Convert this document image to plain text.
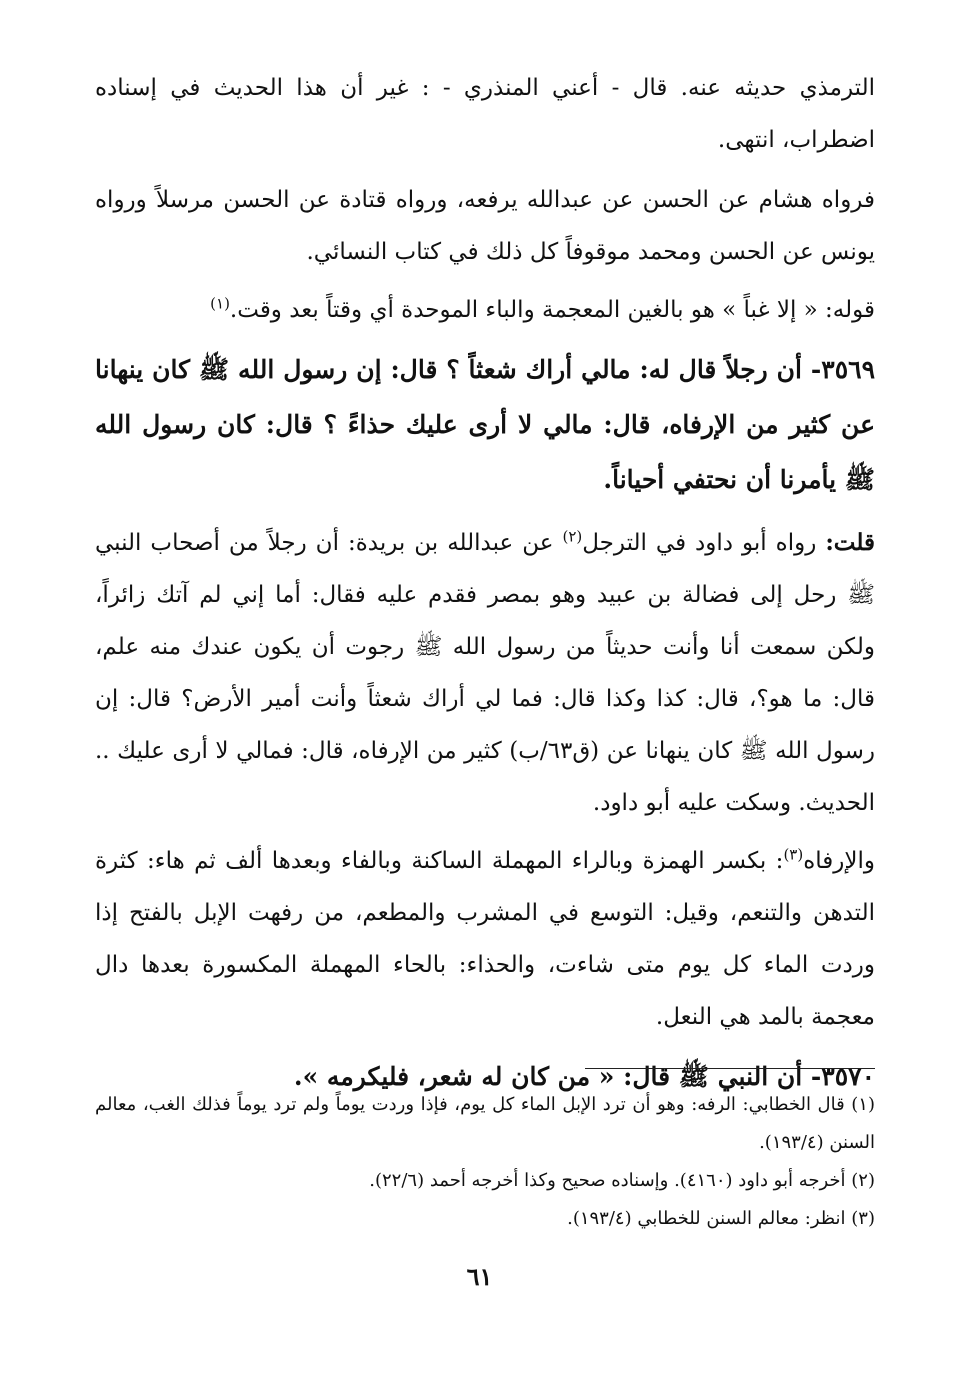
الترمذي حديثه عنه. قال - أعني المنذري - : غير أن هذا الحديث في إسناده اضطراب، انتهى.

فرواه هشام عن الحسن عن عبدالله يرفعه، ورواه قتادة عن الحسن مرسلاً ورواه يونس عن الحسن ومحمد موقوفاً كل ذلك في كتاب النسائي.

قوله: « إلا غباً » هو بالغين المعجمة والباء الموحدة أي وقتاً بعد وقت.$^{(١)}$

٣٥٦٩- أن رجلاً قال له: مالي أراك شعثاً ؟ قال: إن رسول الله ﷺ كان ينهانا عن كثير من الإرفاه، قال: مالي لا أرى عليك حذاءً ؟ قال: كان رسول الله ﷺ يأمرنا أن نحتفي أحياناً.

قلت: رواه أبو داود في الترجل$^{(٢)}$ عن عبدالله بن بريدة: أن رجلاً من أصحاب النبي ﷺ رحل إلى فضالة بن عبيد وهو بمصر فقدم عليه فقال: أما إني لم آتك زائراً، ولكن سمعت أنا وأنت حديثاً من رسول الله ﷺ رجوت أن يكون عندك منه علم، قال: ما هو؟، قال: كذا وكذا قال: فما لي أراك شعثاً وأنت أمير الأرض؟ قال: إن رسول الله ﷺ كان ينهانا عن (ق٦٣/ب) كثير من الإرفاه، قال: فمالي لا أرى عليك .. الحديث. وسكت عليه أبو داود.

والإرفاه$^{(٣)}$: بكسر الهمزة وبالراء المهملة الساكنة وبالفاء وبعدها ألف ثم هاء: كثرة التدهن والتنعم، وقيل: التوسع في المشرب والمطعم، من رفهت الإبل بالفتح إذا وردت الماء كل يوم متى شاءت، والحذاء: بالحاء المهملة المكسورة بعدها دال معجمة بالمد هي النعل.

٣٥٧٠- أن النبي ﷺ قال: « من كان له شعر، فليكرمه ».

(١) قال الخطابي: الرفه: وهو أن ترد الإبل الماء كل يوم، فإذا وردت يوماً ولم ترد يوماً فذلك الغب، معالم السنن (١٩٣/٤).

(٢) أخرجه أبو داود (٤١٦٠). وإسناده صحيح وكذا أخرجه أحمد (٢٢/٦).

(٣) انظر: معالم السنن للخطابي (١٩٣/٤).

٦١
